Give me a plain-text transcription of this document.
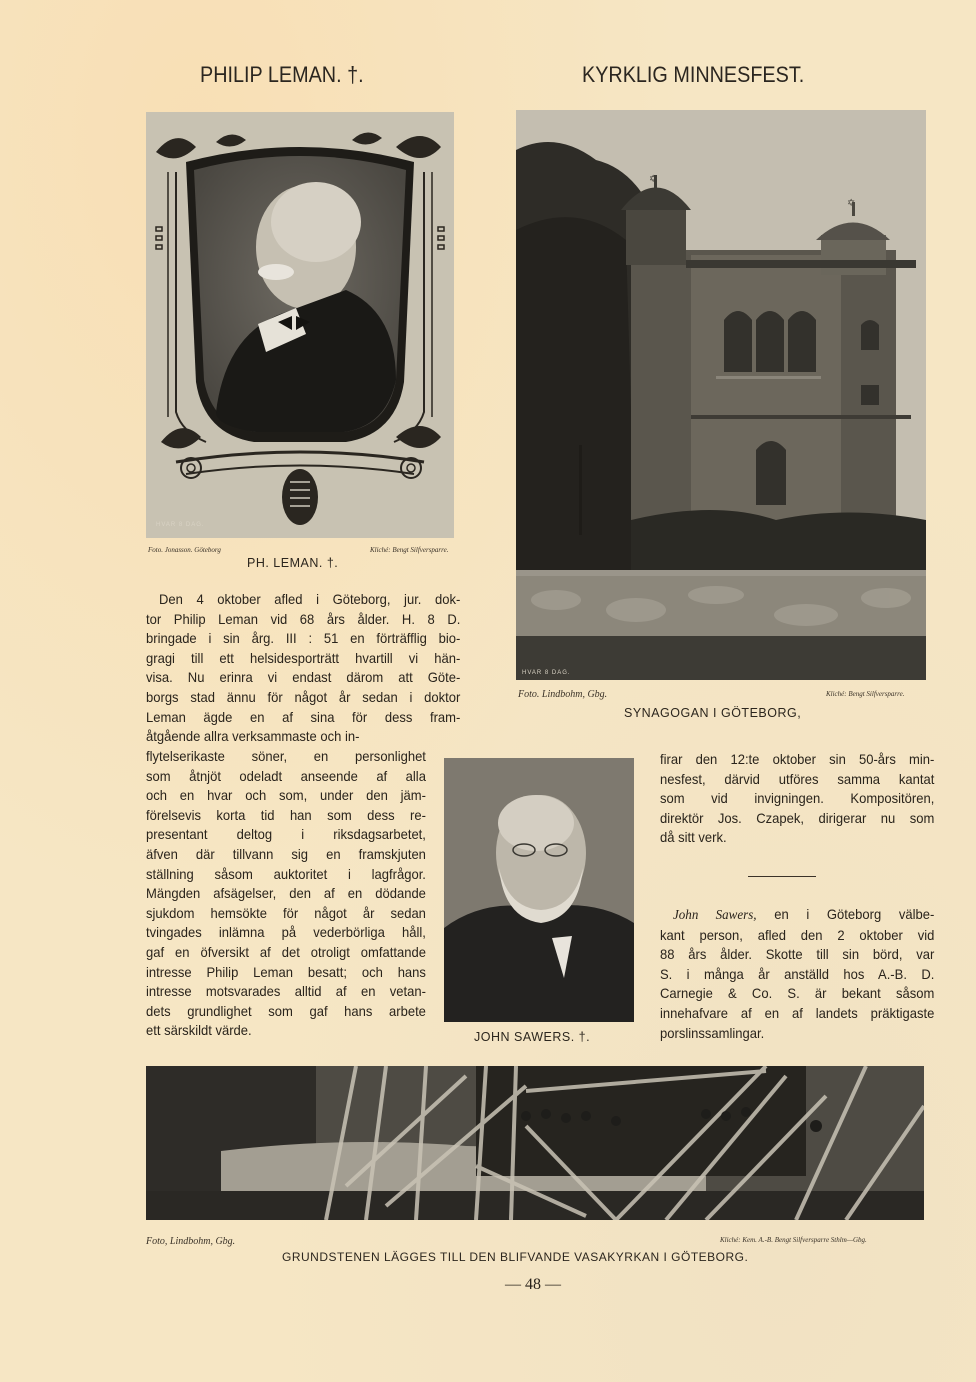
PHILIP LEMAN. †.	KYRKLIG MINNESFEST.
HVAR 8 DAG.
Foto. Jonasson. Göteborg	Kliché: Bengt Silfversparre.
PH. LEMAN. †.
Den 4 oktober afled i Göteborg, jur. dok-
tor Philip Leman vid 68 års ålder. H. 8 D.
bringade i sin årg. III : 51 en förträfflig bio-
gragi till ett helsidesporträtt hvartill vi hän-
visa. Nu erinra vi endast därom att Göte-
borgs stad ännu för något år sedan i doktor
Leman ägde en af sina för dess fram-
åtgående allra verksammaste och in-
flytelserikaste söner, en personlighet
som åtnjöt odeladt anseende af alla
och en hvar och som, under den jäm-
förelsevis korta tid han som dess re-
presentant deltog i riksdagsarbetet,
äfven där tillvann sig en framskjuten
ställning såsom auktoritet i lagfrågor.
Mängden afsägelser, den af en dödande
sjukdom hemsökte för något år sedan
tvingades inlämna på vederbörliga håll,
gaf en öfversikt af det otroligt omfattande
intresse Philip Leman besatt; och hans
intresse motsvarades alltid af en vetan-
dets grundlighet som gaf hans arbete
ett särskildt värde.
✡
✡
HVAR 8 DAG.
Foto. Lindbohm, Gbg.	Kliché: Bengt Silfversparre.
SYNAGOGAN I GÖTEBORG,
firar den 12:te oktober sin 50-års min-
nesfest, därvid utföres samma kantat
som vid invigningen. Kompositören,
direktör Jos. Czapek, dirigerar nu som
då sitt verk.
JOHN SAWERS. †.
John Sawers, en i Göteborg välbe-
kant person, afled den 2 oktober vid
88 års ålder. Skotte till sin börd, var
S. i många år anställd hos A.-B. D.
Carnegie & Co. S. är bekant såsom
innehafvare af en af landets präktigaste
porslinssamlingar.
Foto, Lindbohm, Gbg.	Kliché: Kem. A.-B. Bengt Silfversparre Sthlm—Gbg.
GRUNDSTENEN LÄGGES TILL DEN BLIFVANDE VASAKYRKAN I GÖTEBORG.
— 48 —
